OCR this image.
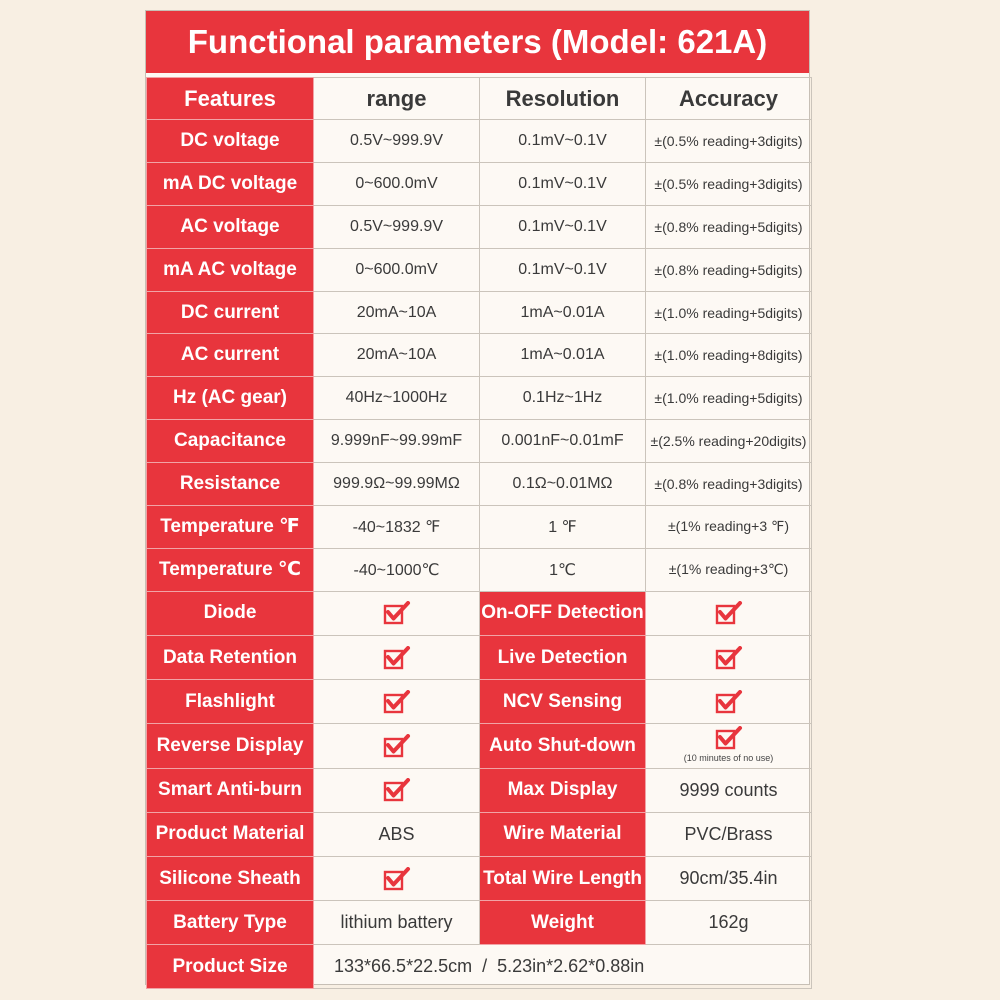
Functional parameters (Model: 621A)
Features	range	Resolution	Accuracy
DC voltage	0.5V~999.9V	0.1mV~0.1V	±(0.5% reading+3digits)
mA DC voltage	0~600.0mV	0.1mV~0.1V	±(0.5% reading+3digits)
AC voltage	0.5V~999.9V	0.1mV~0.1V	±(0.8% reading+5digits)
mA AC voltage	0~600.0mV	0.1mV~0.1V	±(0.8% reading+5digits)
DC current	20mA~10A	1mA~0.01A	±(1.0% reading+5digits)
AC current	20mA~10A	1mA~0.01A	±(1.0% reading+8digits)
Hz (AC gear)	40Hz~1000Hz	0.1Hz~1Hz	±(1.0% reading+5digits)
Capacitance	9.999nF~99.99mF	0.001nF~0.01mF	±(2.5% reading+20digits)
Resistance	999.9Ω~99.99MΩ	0.1Ω~0.01MΩ	±(0.8% reading+3digits)
Temperature ℉	-40~1832 ℉	1 ℉	±(1% reading+3 ℉)
Temperature ℃	-40~1000℃	1℃	±(1% reading+3℃)
Diode		On-OFF Detection	
Data Retention		Live Detection	
Flashlight		NCV Sensing	
Reverse Display		Auto Shut-down	(10 minutes of no use)

Smart Anti-burn		Max Display	9999 counts
Product Material	ABS	Wire Material	PVC/Brass
Silicone Sheath		Total Wire Length	90cm/35.4in
Battery Type	lithium battery	Weight	162g
Product Size	133*66.5*22.5cm  /  5.23in*2.62*0.88in		
